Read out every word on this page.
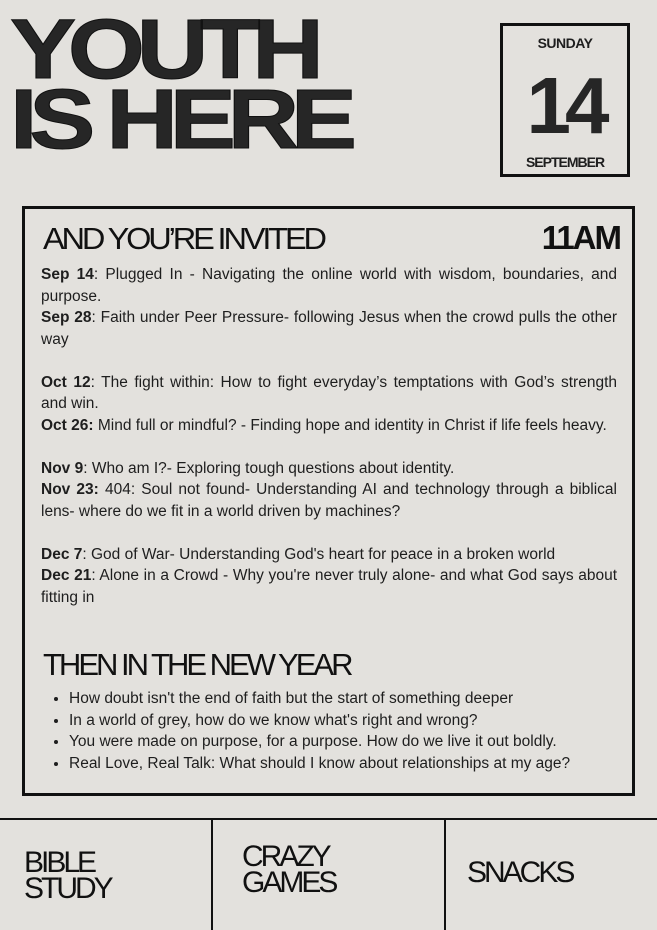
YOUTH
IS HERE
SUNDAY
14
SEPTEMBER
AND YOU’RE INVITED	11AM

Sep 14: Plugged In - Navigating the online world with wisdom, boundaries, and purpose.

Sep 28: Faith under Peer Pressure- following Jesus when the crowd pulls the other way

Oct 12: The fight within: How to fight everyday’s temptations with God’s strength and win.

Oct 26: Mind full or mindful? - Finding hope and identity in Christ if life feels heavy.

Nov 9: Who am I?- Exploring tough questions about identity.

Nov 23: 404: Soul not found- Understanding AI and technology through a biblical lens- where do we fit in a world driven by machines?

Dec 7: God of War- Understanding God's heart for peace in a broken world

Dec 21: Alone in a Crowd - Why you're never truly alone- and what God says about fitting in

THEN IN THE NEW YEAR
• How doubt isn't the end of faith but the start of something deeper
• In a world of grey, how do we know what's right and wrong?
• You were made on purpose, for a purpose. How do we live it out boldly.
• Real Love, Real Talk: What should I know about relationships at my age?
BIBLE
STUDY
CRAZY
GAMES	SNACKS
